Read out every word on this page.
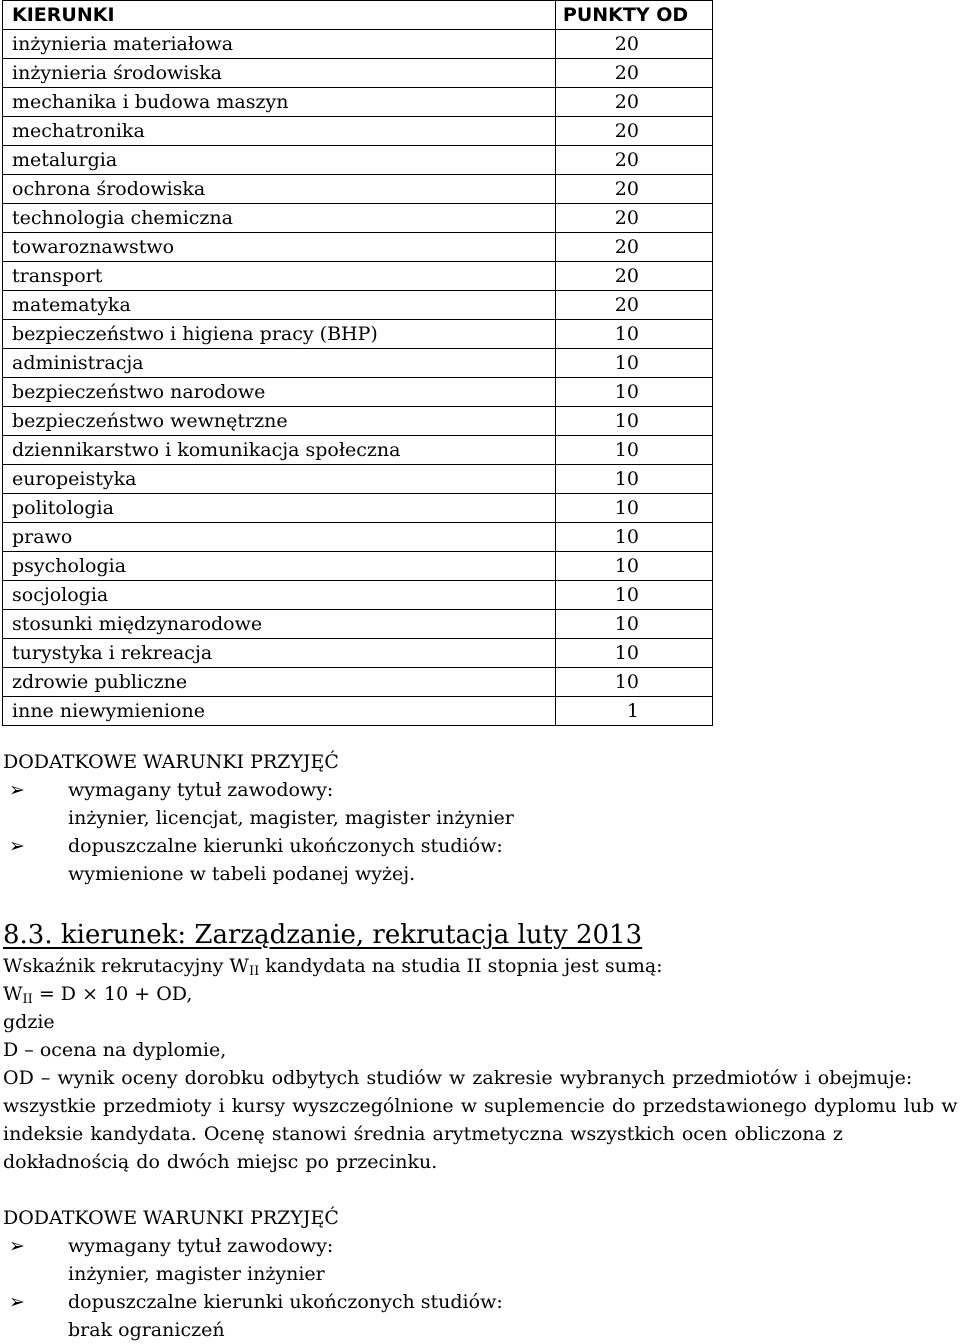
KIERUNKI	PUNKTY OD
inżynieria materiałowa	20
inżynieria środowiska	20
mechanika i budowa maszyn	20
mechatronika	20
metalurgia	20
ochrona środowiska	20
technologia chemiczna	20
towaroznawstwo	20
transport	20
matematyka	20
bezpieczeństwo i higiena pracy (BHP)	10
administracja	10
bezpieczeństwo narodowe	10
bezpieczeństwo wewnętrzne	10
dziennikarstwo i komunikacja społeczna	10
europeistyka	10
politologia	10
prawo	10
psychologia	10
socjologia	10
stosunki międzynarodowe	10
turystyka i rekreacja	10
zdrowie publiczne	10
inne niewymienione	1
DODATKOWE WARUNKI PRZYJĘĆ
➢ wymagany tytuł zawodowy:
inżynier, licencjat, magister, magister inżynier
➢ dopuszczalne kierunki ukończonych studiów:
wymienione w tabeli podanej wyżej.
8.3. kierunek: Zarządzanie, rekrutacja luty 2013
Wskaźnik rekrutacyjny $W_{II}$ kandydata na studia II stopnia jest sumą:
$W_{II} = D \times 10$ + OD,
gdzie
D – ocena na dyplomie,
OD – wynik oceny dorobku odbytych studiów w zakresie wybranych przedmiotów i obejmuje: wszystkie przedmioty i kursy wyszczególnione w suplemencie do przedstawionego dyplomu lub w indeksie kandydata. Ocenę stanowi średnia arytmetyczna wszystkich ocen obliczona z dokładnością do dwóch miejsc po przecinku.
DODATKOWE WARUNKI PRZYJĘĆ
➢ wymagany tytuł zawodowy:
inżynier, magister inżynier
➢ dopuszczalne kierunki ukończonych studiów:
brak ograniczeń
